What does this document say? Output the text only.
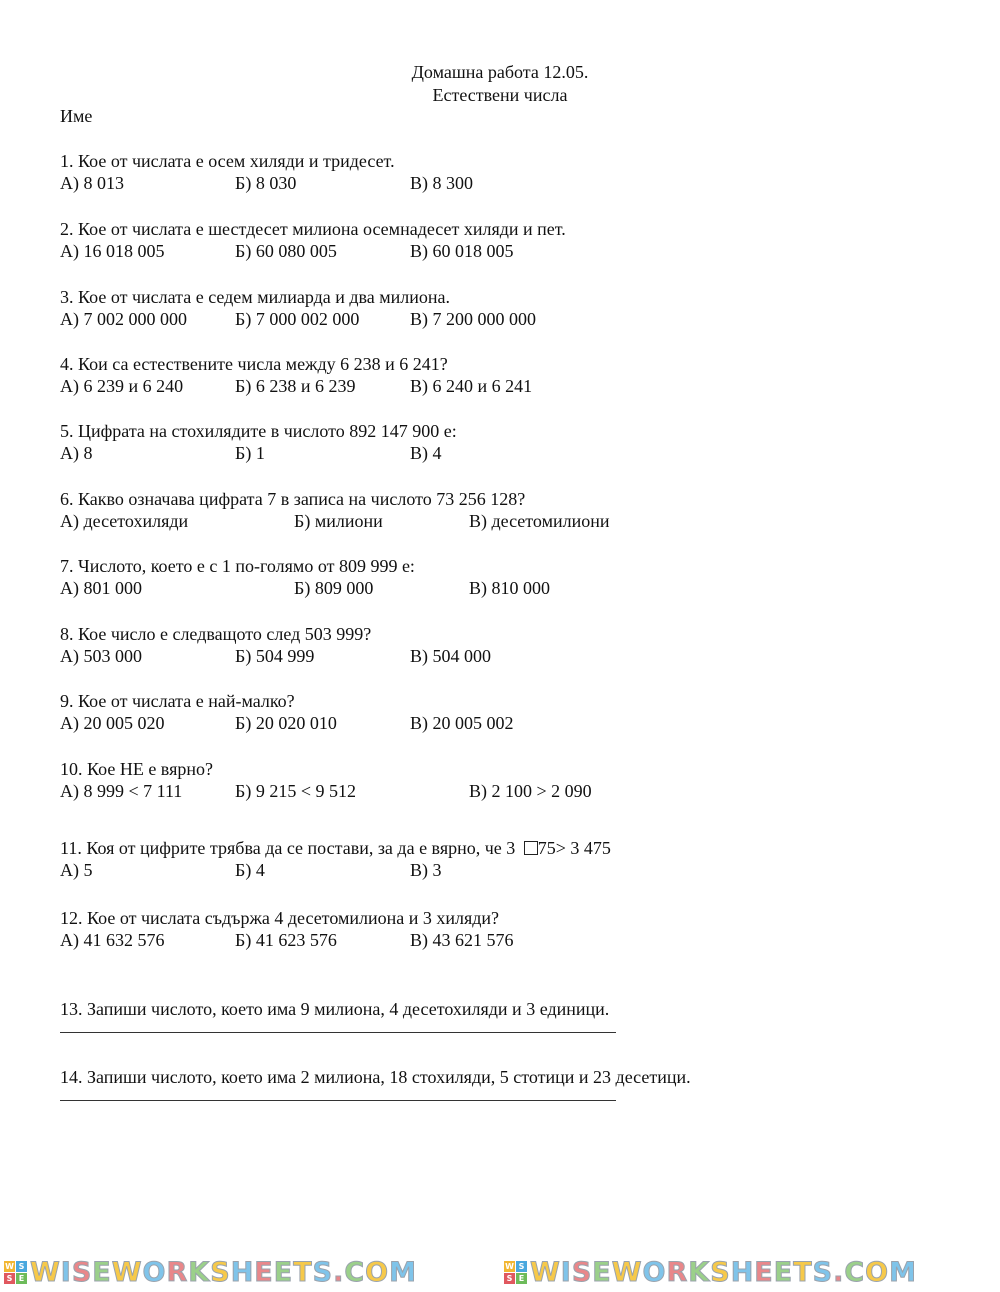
Домашна работа 12.05.
Естествени числа
Име
1. Кое от числата е осем хиляди и тридесет.
А) 8 013	Б) 8 030	В) 8 300
2. Кое от числата е шестдесет милиона осемнадесет хиляди и пет.
А) 16 018 005	Б) 60 080 005	В) 60 018 005
3. Кое от числата е седем милиарда и два милиона.
А) 7 002 000 000	Б) 7 000 002 000	В) 7 200 000 000
4. Кои са естествените числа между 6 238 и 6 241?
А) 6 239 и 6 240	Б) 6 238 и 6 239	В) 6 240 и 6 241
5. Цифрата на стохилядите в числото 892 147 900 е:
А) 8	Б) 1	В) 4
6. Какво означава цифрата 7 в записа на числото 73 256 128?
А) десетохиляди	Б) милиони	В) десетомилиони
7. Числото, което е с 1 по-голямо от 809 999 е:
А) 801 000	Б) 809 000	В) 810 000
8. Кое число е следващото след 503 999?
А) 503 000	Б) 504 999	В) 504 000
9. Кое от числата е най-малко?
А) 20 005 020	Б) 20 020 010	В) 20 005 002
10. Кое НЕ е вярно?
А) 8 999 < 7 111	Б) 9 215 < 9 512	В) 2 100 > 2 090
11. Коя от цифрите трябва да се постави, за да е вярно, че 3 75> 3 475
А) 5	Б) 4	В) 3
12. Кое от числата съдържа 4 десетомилиона и 3 хиляди?
А) 41 632 576	Б) 41 623 576	В) 43 621 576
13. Запиши числото, което има 9 милиона, 4 десетохиляди и 3 единици.
14. Запиши числото, което има 2 милиона, 18 стохиляди, 5 стотици и 23 десетици.
W S
S E WISEWORKSHEETS.COM	W S
S E WISEWORKSHEETS.COM
